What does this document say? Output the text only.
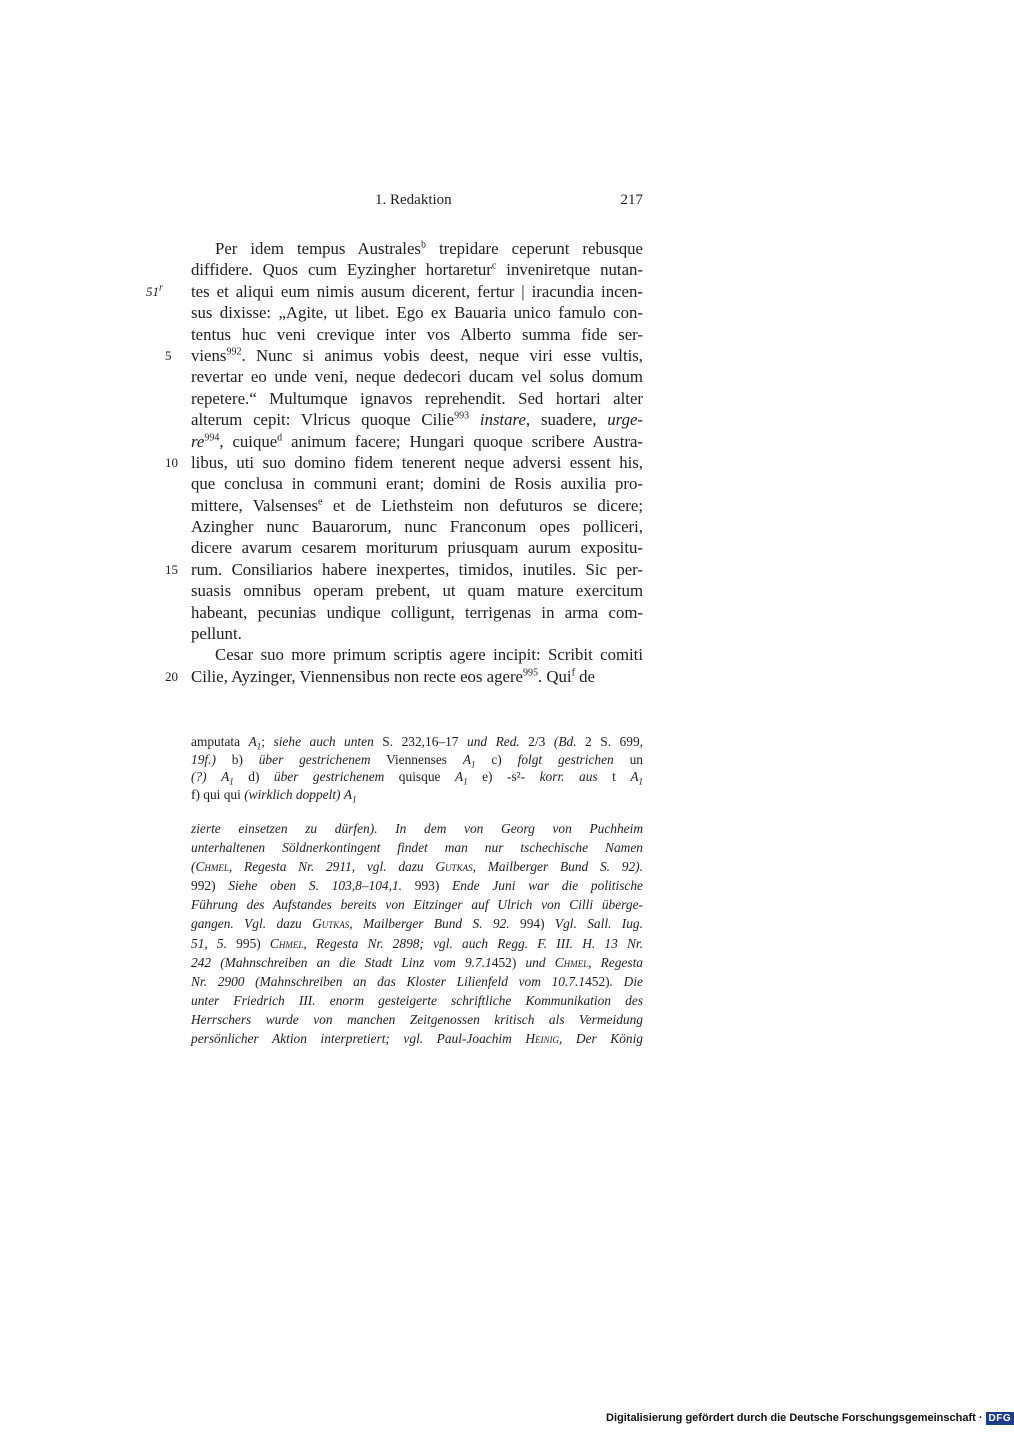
1. Redaktion	217
51$^r$
5
10
15
20
Per idem tempus Australes$^b$ trepidare ceperunt rebusque
diffidere. Quos cum Eyzingher hortaretur$^c$ inveniretque nutan-
tes et aliqui eum nimis ausum dicerent, fertur | iracundia incen-
sus dixisse: „Agite, ut libet. Ego ex Bauaria unico famulo con-
tentus huc veni crevique inter vos Alberto summa fide ser-
viens$^{992}$. Nunc si animus vobis deest, neque viri esse vultis,
revertar eo unde veni, neque dedecori ducam vel solus domum
repetere.“ Multumque ignavos reprehendit. Sed hortari alter
alterum cepit: Vlricus quoque Cilie$^{993}$ instare, suadere, urge-
$re^{994}$, cuique$^d$ animum facere; Hungari quoque scribere Austra-
libus, uti suo domino fidem tenerent neque adversi essent his,
que conclusa in communi erant; domini de Rosis auxilia pro-
mittere, Valsenses$^e$ et de Liethsteim non defuturos se dicere;
Azingher nunc Bauarorum, nunc Franconum opes polliceri,
dicere avarum cesarem moriturum priusquam aurum expositu-
rum. Consiliarios habere inexpertes, timidos, inutiles. Sic per-
suasis omnibus operam prebent, ut quam mature exercitum
habeant, pecunias undique colligunt, terrigenas in arma com-
pellunt.
Cesar suo more primum scriptis agere incipit: Scribit comiti
Cilie, Ayzinger, Viennensibus non recte eos agere$^{995}$. Qui$^f$ de
amputata $A_1$; siehe auch unten S. 232,16–17 und Red. 2/3 (Bd. 2 S. 699,
19f.) b) über gestrichenem Viennenses $A_1$ c) folgt gestrichen un
(?) $A_1$ d) über gestrichenem quisque $A_1$ e) -s²- korr. aus t $A_1$
f) qui qui (wirklich doppelt) $A_1$
zierte einsetzen zu dürfen). In dem von Georg von Puchheim
unterhaltenen Söldnerkontingent findet man nur tschechische Namen
(Chmel, Regesta Nr. 2911, vgl. dazu Gutkas, Mailberger Bund S. 92).
992) Siehe oben S. 103,8–104,1. 993) Ende Juni war die politische
Führung des Aufstandes bereits von Eitzinger auf Ulrich von Cilli überge-
gangen. Vgl. dazu Gutkas, Mailberger Bund S. 92. 994) Vgl. Sall. Iug.
51, 5. 995) Chmel, Regesta Nr. 2898; vgl. auch Regg. F. III. H. 13 Nr.
242 (Mahnschreiben an die Stadt Linz vom 9.7.1452) und Chmel, Regesta
Nr. 2900 (Mahnschreiben an das Kloster Lilienfeld vom 10.7.1452). Die
unter Friedrich III. enorm gesteigerte schriftliche Kommunikation des
Herrschers wurde von manchen Zeitgenossen kritisch als Vermeidung
persönlicher Aktion interpretiert; vgl. Paul-Joachim Heinig, Der König
Digitalisierung gefördert durch die Deutsche Forschungsgemeinschaft · DFG
